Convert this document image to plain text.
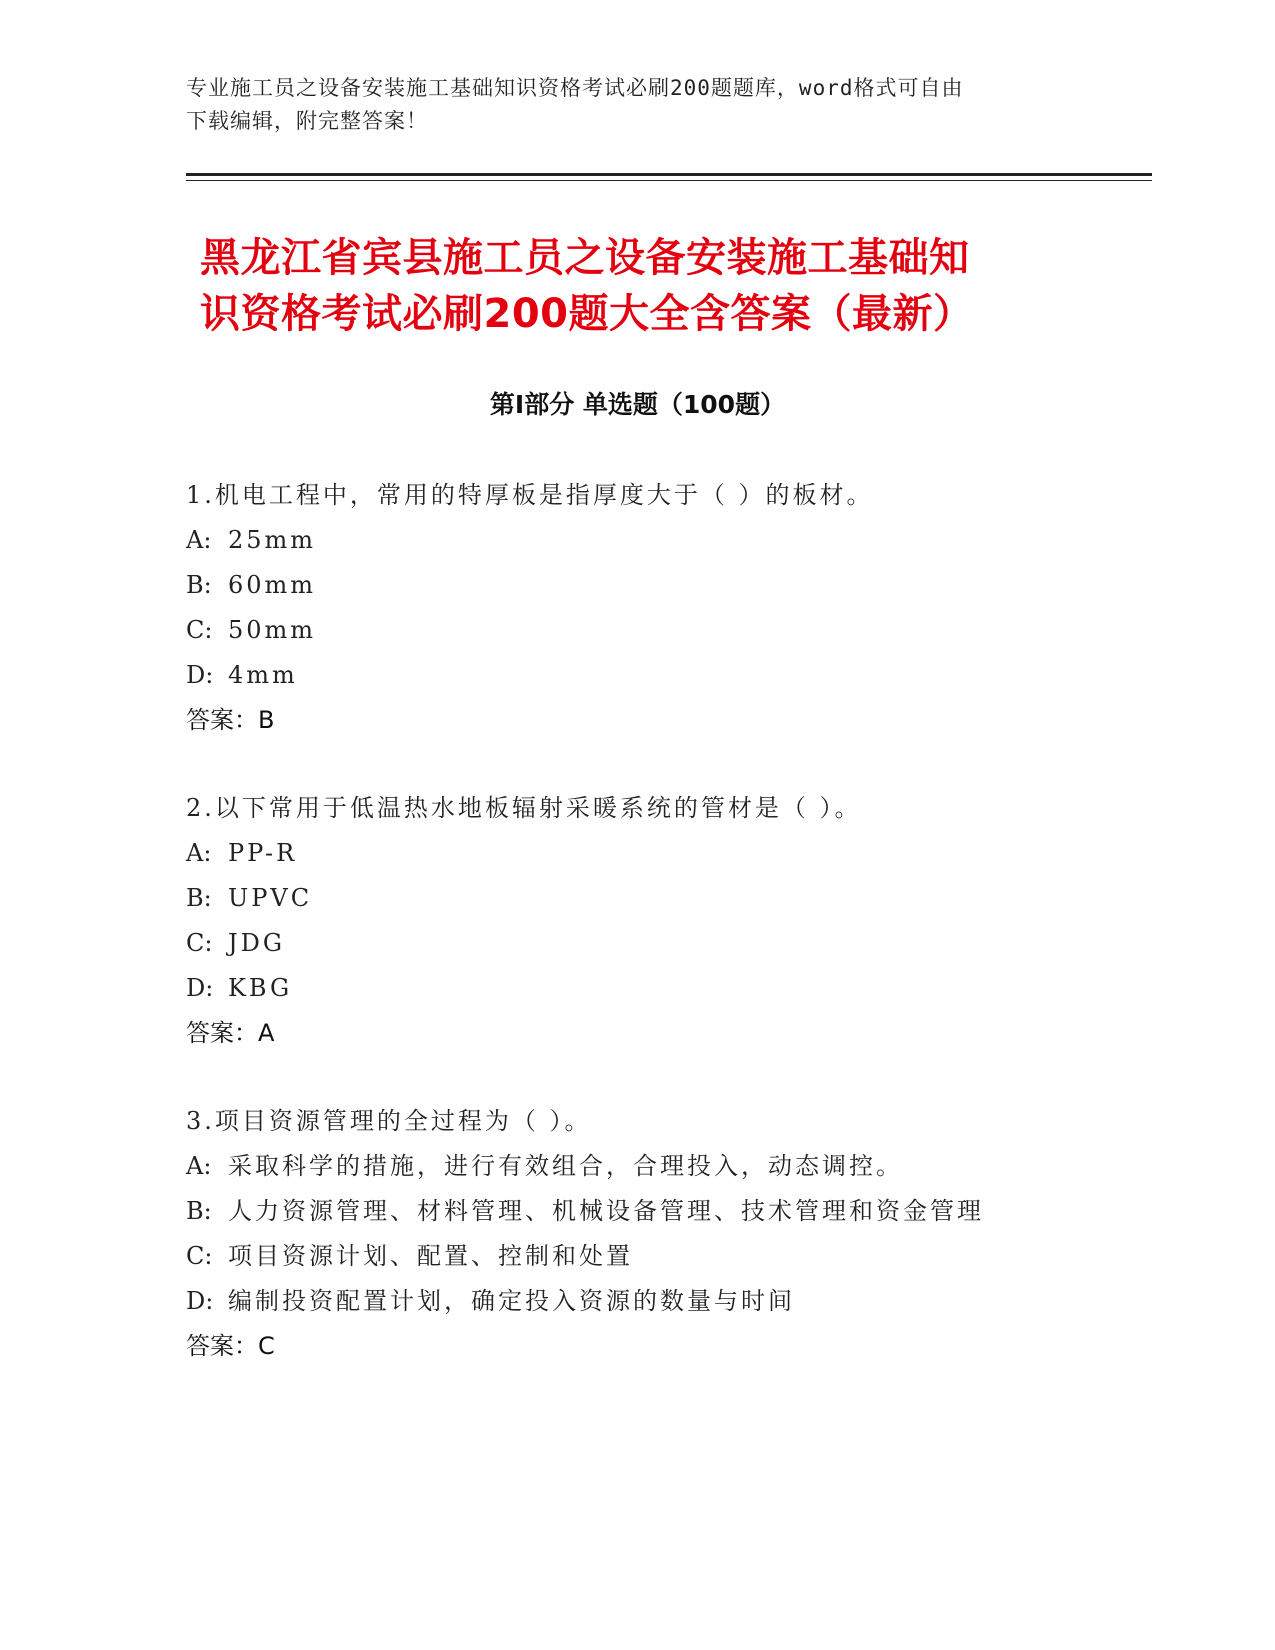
专业施工员之设备安装施工基础知识资格考试必刷200题题库，word格式可自由
下载编辑，附完整答案！
黑龙江省宾县施工员之设备安装施工基础知
识资格考试必刷200题大全含答案（最新）
第Ⅰ部分 单选题（100题）
1.机电工程中，常用的特厚板是指厚度大于（ ）的板材。
A: 25mm
B: 60mm
C: 50mm
D: 4mm
答案：B
2.以下常用于低温热水地板辐射采暖系统的管材是（ ）。
A: PP-R
B: UPVC
C: JDG
D: KBG
答案：A
3.项目资源管理的全过程为（ ）。
A: 采取科学的措施，进行有效组合，合理投入，动态调控。
B: 人力资源管理、材料管理、机械设备管理、技术管理和资金管理
C: 项目资源计划、配置、控制和处置
D: 编制投资配置计划，确定投入资源的数量与时间
答案：C
